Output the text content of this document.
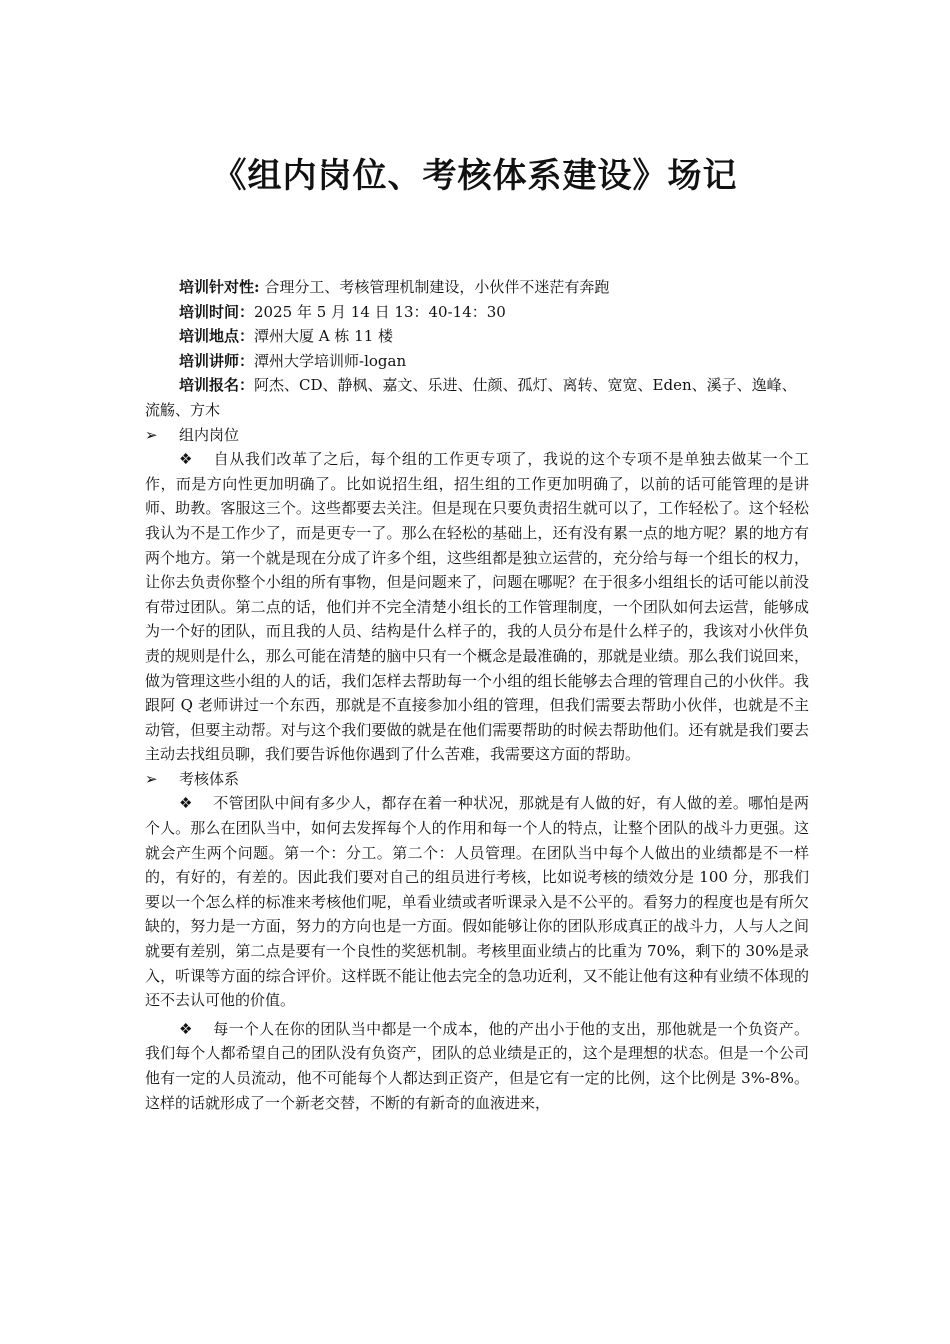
《组内岗位、考核体系建设》场记
培训针对性: 合理分工、考核管理机制建设，小伙伴不迷茫有奔跑
培训时间：2025 年 5 月 14 日 13：40-14：30
培训地点：潭州大厦 A 栋 11 楼
培训讲师：潭州大学培训师-logan
培训报名：阿杰、CD、静枫、嘉文、乐进、仕颜、孤灯、离转、宽宽、Eden、溪子、逸峰、流觞、方木
➢	组内岗位
❖ 自从我们改革了之后，每个组的工作更专项了，我说的这个专项不是单独去做某一个工作，而是方向性更加明确了。比如说招生组，招生组的工作更加明确了，以前的话可能管理的是讲师、助教。客服这三个。这些都要去关注。但是现在只要负责招生就可以了，工作轻松了。这个轻松我认为不是工作少了，而是更专一了。那么在轻松的基础上，还有没有累一点的地方呢？累的地方有两个地方。第一个就是现在分成了许多个组，这些组都是独立运营的，充分给与每一个组长的权力，让你去负责你整个小组的所有事物，但是问题来了，问题在哪呢？在于很多小组组长的话可能以前没有带过团队。第二点的话，他们并不完全清楚小组长的工作管理制度，一个团队如何去运营，能够成为一个好的团队，而且我的人员、结构是什么样子的，我的人员分布是什么样子的，我该对小伙伴负责的规则是什么，那么可能在清楚的脑中只有一个概念是最准确的，那就是业绩。那么我们说回来，做为管理这些小组的人的话，我们怎样去帮助每一个小组的组长能够去合理的管理自己的小伙伴。我跟阿 Q 老师讲过一个东西，那就是不直接参加小组的管理，但我们需要去帮助小伙伴，也就是不主动管，但要主动帮。对与这个我们要做的就是在他们需要帮助的时候去帮助他们。还有就是我们要去主动去找组员聊，我们要告诉他你遇到了什么苦难，我需要这方面的帮助。
➢	考核体系
❖ 不管团队中间有多少人，都存在着一种状况，那就是有人做的好，有人做的差。哪怕是两个人。那么在团队当中，如何去发挥每个人的作用和每一个人的特点，让整个团队的战斗力更强。这就会产生两个问题。第一个：分工。第二个：人员管理。在团队当中每个人做出的业绩都是不一样的，有好的，有差的。因此我们要对自己的组员进行考核，比如说考核的绩效分是 100 分，那我们要以一个怎么样的标准来考核他们呢，单看业绩或者听课录入是不公平的。看努力的程度也是有所欠缺的，努力是一方面，努力的方向也是一方面。假如能够让你的团队形成真正的战斗力，人与人之间就要有差别，第二点是要有一个良性的奖惩机制。考核里面业绩占的比重为 70%，剩下的 30%是录入，听课等方面的综合评价。这样既不能让他去完全的急功近利，又不能让他有这种有业绩不体现的还不去认可他的价值。
❖ 每一个人在你的团队当中都是一个成本，他的产出小于他的支出，那他就是一个负资产。我们每个人都希望自己的团队没有负资产，团队的总业绩是正的，这个是理想的状态。但是一个公司他有一定的人员流动，他不可能每个人都达到正资产，但是它有一定的比例，这个比例是 3%-8%。这样的话就形成了一个新老交替，不断的有新奇的血液进来，
